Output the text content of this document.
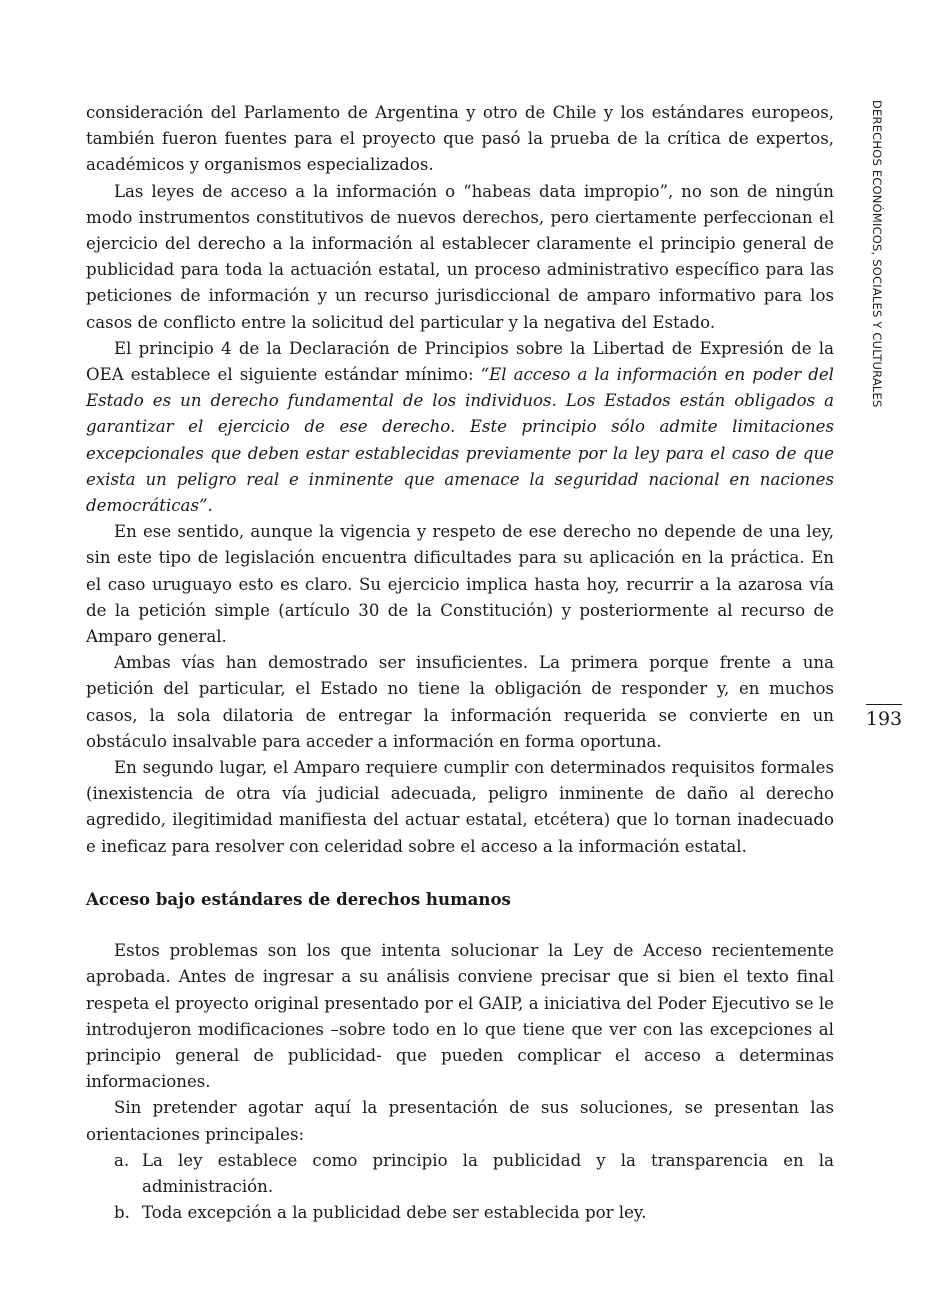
consideración del Parlamento de Argentina y otro de Chile y los estándares europeos, también fueron fuentes para el proyecto que pasó la prueba de la crítica de expertos, académicos y organismos especializados.

Las leyes de acceso a la información o “habeas data impropio”, no son de ningún modo instrumentos constitutivos de nuevos derechos, pero ciertamente perfeccionan el ejercicio del derecho a la información al establecer claramente el principio general de publicidad para toda la actuación estatal, un proceso administrativo específico para las peticiones de información y un recurso jurisdiccional de amparo informativo para los casos de conflicto entre la solicitud del particular y la negativa del Estado.

El principio 4 de la Declaración de Principios sobre la Libertad de Expresión de la OEA establece el siguiente estándar mínimo: “El acceso a la información en poder del Estado es un derecho fundamental de los individuos. Los Estados están obligados a garantizar el ejercicio de ese derecho. Este principio sólo admite limitaciones excepcionales que deben estar establecidas previamente por la ley para el caso de que exista un peligro real e inminente que amenace la seguridad nacional en naciones democráticas”.

En ese sentido, aunque la vigencia y respeto de ese derecho no depende de una ley, sin este tipo de legislación encuentra dificultades para su aplicación en la práctica. En el caso uruguayo esto es claro. Su ejercicio implica hasta hoy, recurrir a la azarosa vía de la petición simple (artículo 30 de la Constitución) y posteriormente al recurso de Amparo general.

Ambas vías han demostrado ser insuficientes. La primera porque frente a una petición del particular, el Estado no tiene la obligación de responder y, en muchos casos, la sola dilatoria de entregar la información requerida se convierte en un obstáculo insalvable para acceder a información en forma oportuna.

En segundo lugar, el Amparo requiere cumplir con determinados requisitos formales (inexistencia de otra vía judicial adecuada, peligro inminente de daño al derecho agredido, ilegitimidad manifiesta del actuar estatal, etcétera) que lo tornan inadecuado e ineficaz para resolver con celeridad sobre el acceso a la información estatal.

Acceso bajo estándares de derechos humanos

Estos problemas son los que intenta solucionar la Ley de Acceso recientemente aprobada. Antes de ingresar a su análisis conviene precisar que si bien el texto final respeta el proyecto original presentado por el GAIP, a iniciativa del Poder Ejecutivo se le introdujeron modificaciones –sobre todo en lo que tiene que ver con las excepciones al principio general de publicidad- que pueden complicar el acceso a determinas informaciones.

Sin pretender agotar aquí la presentación de sus soluciones, se presentan las orientaciones principales:

a. La ley establece como principio la publicidad y la transparencia en la administración.
b. Toda excepción a la publicidad debe ser establecida por ley.
DERECHOS ECONÓMICOS, SOCIALES Y CULTURALES
193
